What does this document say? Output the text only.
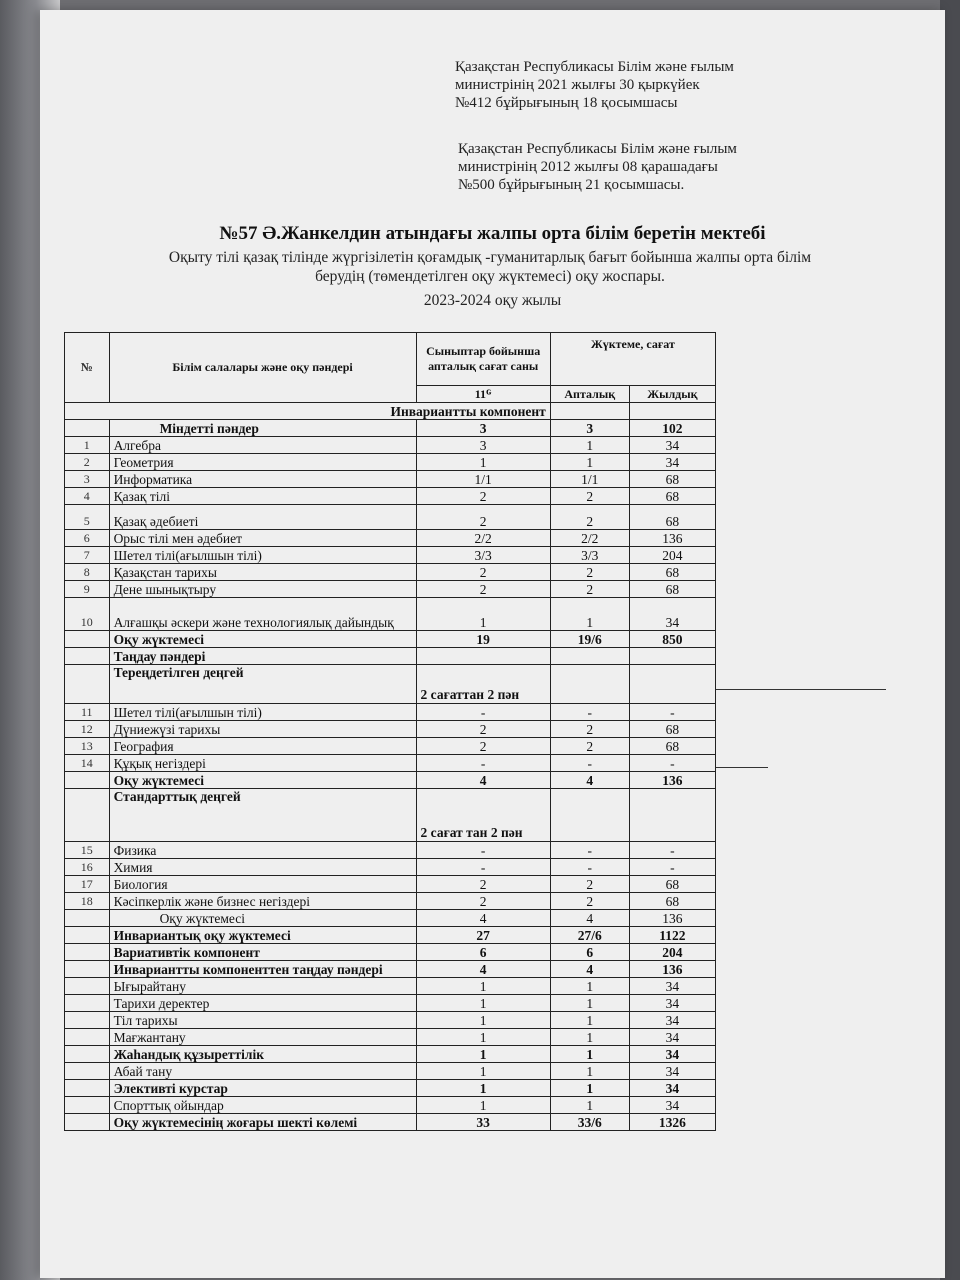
Қазақстан Республикасы Білім және ғылым
министрінің 2021 жылғы 30 қыркүйек
№412 бұйрығының 18 қосымшасы
Қазақстан Республикасы Білім және ғылым
министрінің 2012 жылғы 08 қарашадағы
№500 бұйрығының 21 қосымшасы.
№57 Ә.Жанкелдин атындағы жалпы орта білім беретін мектебі
Оқыту тілі қазақ тілінде жүргізілетін қоғамдық -гуманитарлық бағыт бойынша жалпы орта білім
берудің (төмендетілген оқу жүктемесі) оқу жоспары.
2023-2024 оқу жылы
№	Білім салалары және оқу пәндері	Сыныптар бойынша апталық сағат саны	Жүктеме, сағат	
		11ᴳ	Апталық	Жылдық
Инвариантты компонент				
	Міндетті пәндер	3	3	102
1	Алгебра	3	1	34
2	Геометрия	1	1	34
3	Информатика	1/1	1/1	68
4	Қазақ тілі	2	2	68
5	Қазақ әдебиеті	2	2	68
6	Орыс тілі мен әдебиет	2/2	2/2	136
7	Шетел тілі(ағылшын тілі)	3/3	3/3	204
8	Қазақстан тарихы	2	2	68
9	Дене шынықтыру	2	2	68
10	Алғашқы әскери және технологиялық дайындық	1	1	34
	Оқу жүктемесі	19	19/6	850
	Таңдау пәндері			
	Тереңдетілген деңгей	2 сағаттан 2 пән		
11	Шетел тілі(ағылшын тілі)	-	-	-
12	Дүниежүзі тарихы	2	2	68
13	География	2	2	68
14	Құқық негіздері	-	-	-
	Оқу жүктемесі	4	4	136
	Стандарттық деңгей	2 сағат тан 2 пән		
15	Физика	-	-	-
16	Химия	-	-	-
17	Биология	2	2	68
18	Кәсіпкерлік және бизнес негіздері	2	2	68
	Оқу жүктемесі	4	4	136
	Инвариантық оқу жүктемесі	27	27/6	1122
	Вариативтік компонент	6	6	204
	Инвариантты компоненттен таңдау пәндері	4	4	136
	Ығырайтану	1	1	34
	Тарихи деректер	1	1	34
	Тіл тарихы	1	1	34
	Мағжантану	1	1	34
	Жаһандық құзыреттілік	1	1	34
	Абай тану	1	1	34
	Элективті курстар	1	1	34
	Спорттық ойындар	1	1	34
	Оқу жүктемесінің жоғары шекті көлемі	33	33/6	1326
